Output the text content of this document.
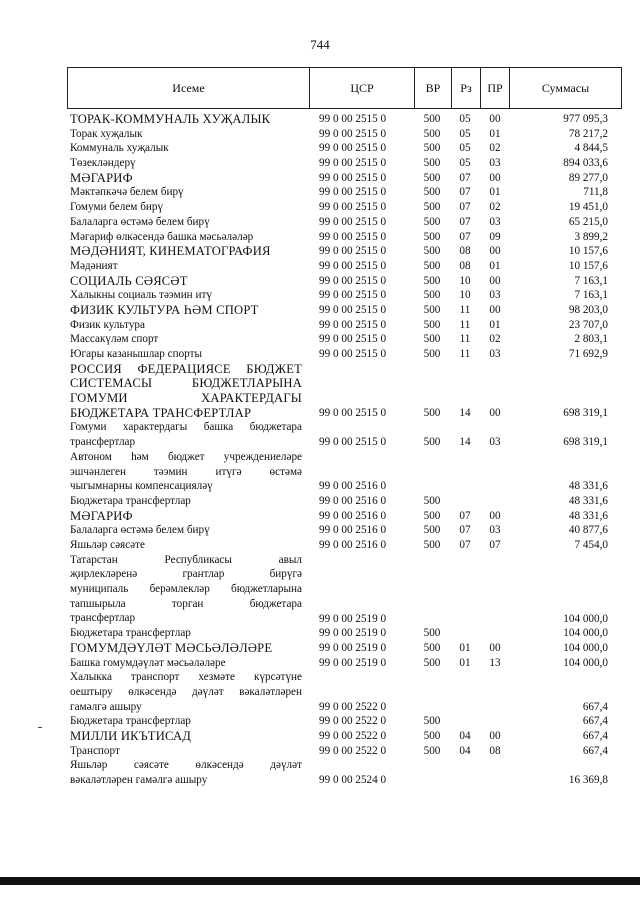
744
Исеме	ЦСР	ВР	Рз	ПР	Суммасы
ТОРАК-КОММУНАЛЬ ХУҖАЛЫК	99 0 00 2515 0	500	05	00	977 095,3
Торак хуҗалык	99 0 00 2515 0	500	05	01	78 217,2
Коммуналь хуҗалык	99 0 00 2515 0	500	05	02	4 844,5
Төзекләндерү	99 0 00 2515 0	500	05	03	894 033,6
МӘГАРИФ	99 0 00 2515 0	500	07	00	89 277,0
Мәктәпкәчә белем бирү	99 0 00 2515 0	500	07	01	711,8
Гомуми белем бирү	99 0 00 2515 0	500	07	02	19 451,0
Балаларга өстәмә белем бирү	99 0 00 2515 0	500	07	03	65 215,0
Мәгариф өлкәсендә башка мәсьәләләр	99 0 00 2515 0	500	07	09	3 899,2
МӘДӘНИЯТ, КИНЕМАТОГРАФИЯ	99 0 00 2515 0	500	08	00	10 157,6
Мәдәният	99 0 00 2515 0	500	08	01	10 157,6
СОЦИАЛЬ СӘЯСӘТ	99 0 00 2515 0	500	10	00	7 163,1
Халыкны социаль тәэмин итү	99 0 00 2515 0	500	10	03	7 163,1
ФИЗИК КУЛЬТУРА ҺӘМ СПОРТ	99 0 00 2515 0	500	11	00	98 203,0
Физик культура	99 0 00 2515 0	500	11	01	23 707,0
Массакүләм спорт	99 0 00 2515 0	500	11	02	2 803,1
Югары казанышлар спорты	99 0 00 2515 0	500	11	03	71 692,9
РОССИЯ ФЕДЕРАЦИЯСЕ БЮДЖЕТ
СИСТЕМАСЫ БЮДЖЕТЛАРЫНА
ГОМУМИ ХАРАКТЕРДАГЫ
БЮДЖЕТАРА ТРАНСФЕРТЛАР	99 0 00 2515 0	500	14	00	698 319,1
Гомуми характердагы башка бюджетара
трансфертлар	99 0 00 2515 0	500	14	03	698 319,1
Автоном һәм бюджет учреждениеләре
эшчәнлеген тәэмин итүгә өстәмә
чыгымнарны компенсацияләү	99 0 00 2516 0	48 331,6
Бюджетара трансфертлар	99 0 00 2516 0	500	48 331,6
МӘГАРИФ	99 0 00 2516 0	500	07	00	48 331,6
Балаларга өстәмә белем бирү	99 0 00 2516 0	500	07	03	40 877,6
Яшьләр сәясәте	99 0 00 2516 0	500	07	07	7 454,0
Татарстан Республикасы авыл
җирлекләренә грантлар бирүгә
муниципаль берәмлекләр бюджетларына
тапшырыла торган бюджетара
трансфертлар	99 0 00 2519 0	104 000,0
Бюджетара трансфертлар	99 0 00 2519 0	500	104 000,0
ГОМУМДӘҮЛӘТ МӘСЬӘЛӘЛӘРЕ	99 0 00 2519 0	500	01	00	104 000,0
Башка гомумдәүләт мәсьәләләре	99 0 00 2519 0	500	01	13	104 000,0
Халыкка транспорт хезмәте күрсәтүне
оештыру өлкәсендә дәүләт вәкаләтләрен
гамәлгә ашыру	99 0 00 2522 0	667,4
Бюджетара трансфертлар	99 0 00 2522 0	500	667,4
МИЛЛИ ИКЪТИСАД	99 0 00 2522 0	500	04	00	667,4
Транспорт	99 0 00 2522 0	500	04	08	667,4
Яшьләр сәясәте өлкәсендә дәүләт
вәкаләтләрен гамәлгә ашыру	99 0 00 2524 0	16 369,8
